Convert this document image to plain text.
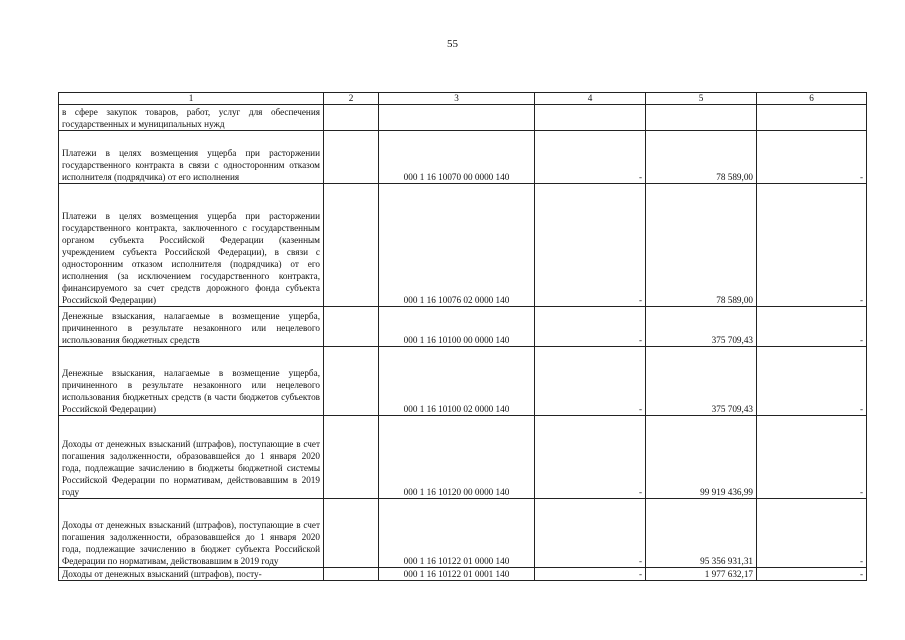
55
1	2	3	4	5	6
в сфере закупок товаров, работ, услуг для обеспечения государственных и муниципальных нужд					
Платежи в целях возмещения ущерба при расторжении государственного контракта в связи с односторонним отказом исполнителя (подрядчика) от его исполнения		000 1 16 10070 00 0000 140	-	78 589,00	-
Платежи в целях возмещения ущерба при расторжении государственного контракта, заключенного с государственным органом субъекта Российской Федерации (казенным учреждением субъекта Российской Федерации), в связи с односторонним отказом исполнителя (подрядчика) от его исполнения (за исключением государственного контракта, финансируемого за счет средств дорожного фонда субъекта Российской Федерации)		000 1 16 10076 02 0000 140	-	78 589,00	-
Денежные взыскания, налагаемые в возмещение ущерба, причиненного в результате незаконного или нецелевого использования бюджетных средств		000 1 16 10100 00 0000 140	-	375 709,43	-
Денежные взыскания, налагаемые в возмещение ущерба, причиненного в результате незаконного или нецелевого использования бюджетных средств (в части бюджетов субъектов Российской Федерации)		000 1 16 10100 02 0000 140	-	375 709,43	-
Доходы от денежных взысканий (штрафов), поступающие в счет погашения задолженности, образовавшейся до 1 января 2020 года, подлежащие зачислению в бюджеты бюджетной системы Российской Федерации по нормативам, действовавшим в 2019 году		000 1 16 10120 00 0000 140	-	99 919 436,99	-
Доходы от денежных взысканий (штрафов), поступающие в счет погашения задолженности, образовавшейся до 1 января 2020 года, подлежащие зачислению в бюджет субъекта Российской Федерации по нормативам, действовавшим в 2019 году		000 1 16 10122 01 0000 140	-	95 356 931,31	-
Доходы от денежных взысканий (штрафов), посту-		000 1 16 10122 01 0001 140	-	1 977 632,17	-
